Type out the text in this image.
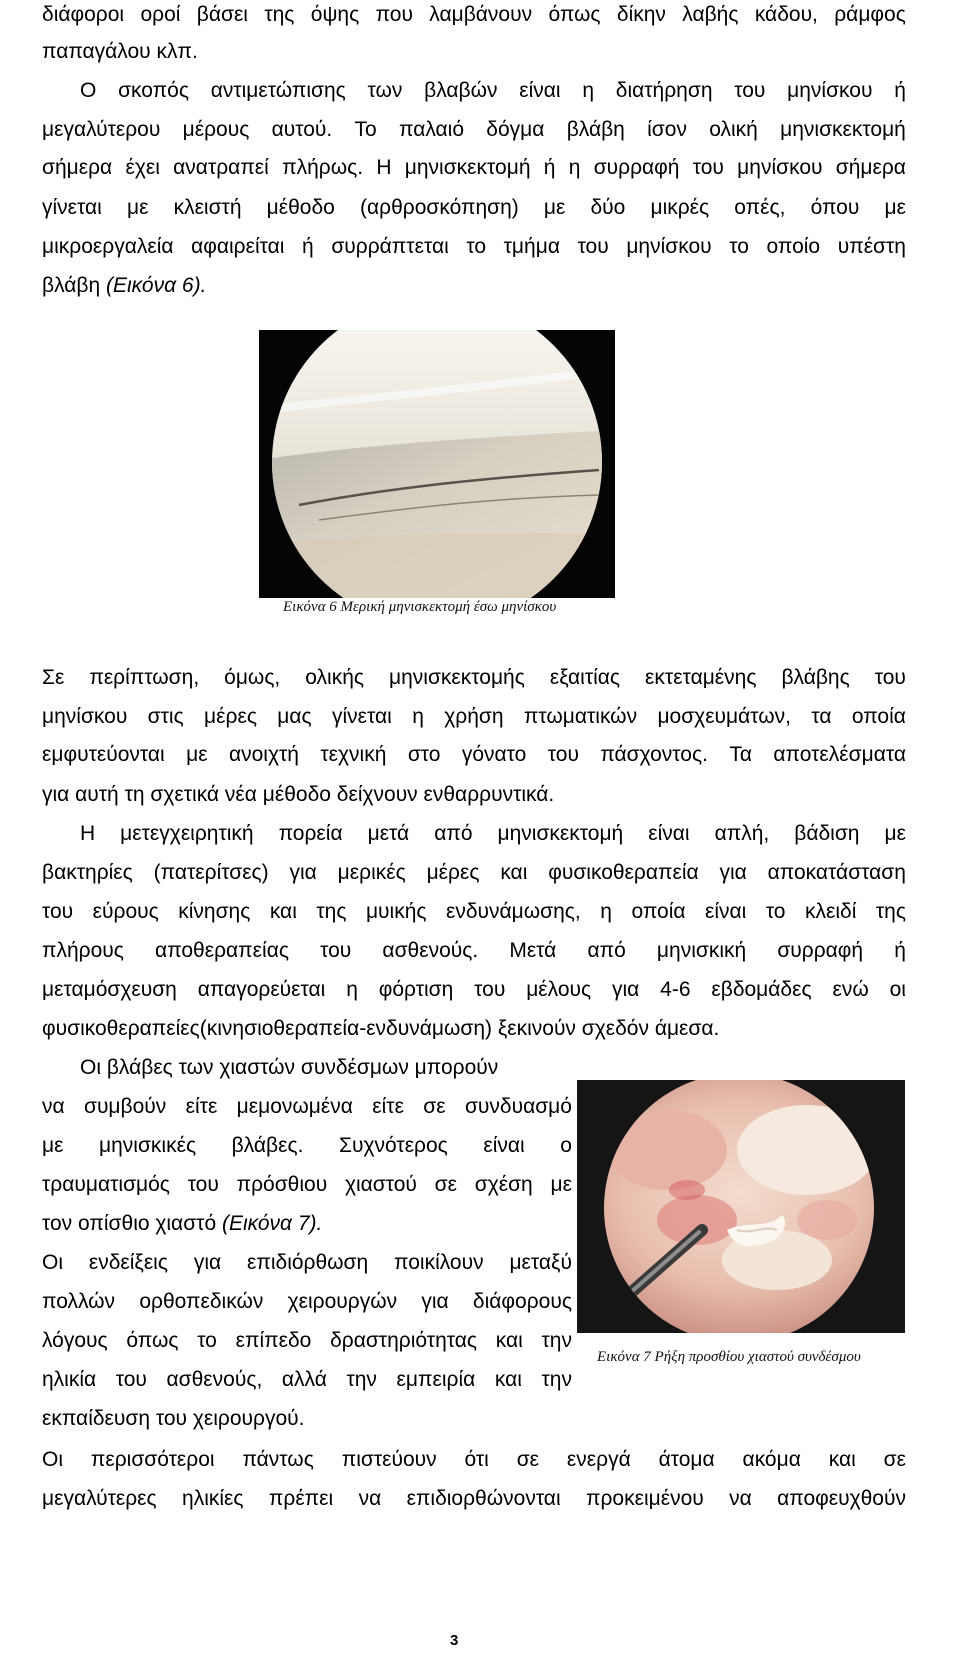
διάφοροι οροί βάσει της όψης που λαμβάνουν όπως δίκην λαβής κάδου, ράμφος
παπαγάλου κλπ.
Ο σκοπός αντιμετώπισης των βλαβών είναι η διατήρηση του μηνίσκου ή
μεγαλύτερου μέρους αυτού. Το παλαιό δόγμα βλάβη ίσον ολική μηνισκεκτομή
σήμερα έχει ανατραπεί πλήρως. Η μηνισκεκτομή ή η συρραφή του μηνίσκου σήμερα
γίνεται με κλειστή μέθοδο (αρθροσκόπηση) με δύο μικρές οπές, όπου με
μικροεργαλεία αφαιρείται ή συρράπτεται το τμήμα του μηνίσκου το οποίο υπέστη
βλάβη (Εικόνα 6).
Εικόνα 6 Μερική μηνισκεκτομή έσω μηνίσκου
Σε περίπτωση, όμως, ολικής μηνισκεκτομής εξαιτίας εκτεταμένης βλάβης του
μηνίσκου στις μέρες μας γίνεται η χρήση πτωματικών μοσχευμάτων, τα οποία
εμφυτεύονται με ανοιχτή τεχνική στο γόνατο του πάσχοντος. Τα αποτελέσματα
για αυτή τη σχετικά νέα μέθοδο δείχνουν ενθαρρυντικά.
Η μετεγχειρητική πορεία μετά από μηνισκεκτομή είναι απλή, βάδιση με
βακτηρίες (πατερίτσες) για μερικές μέρες και φυσικοθεραπεία για αποκατάσταση
του εύρους κίνησης και της μυικής ενδυνάμωσης, η οποία είναι το κλειδί της
πλήρους αποθεραπείας του ασθενούς. Μετά από μηνισκική συρραφή ή
μεταμόσχευση απαγορεύεται η φόρτιση του μέλους για 4-6 εβδομάδες ενώ οι
φυσικοθεραπείες(κινησιοθεραπεία-ενδυνάμωση) ξεκινούν σχεδόν άμεσα.
Οι βλάβες των χιαστών συνδέσμων μπορούν
να συμβούν είτε μεμονωμένα είτε σε συνδυασμό
με μηνισκικές βλάβες. Συχνότερος είναι ο
τραυματισμός του πρόσθιου χιαστού σε σχέση με
τον οπίσθιο χιαστό (Εικόνα 7).
Οι ενδείξεις για επιδιόρθωση ποικίλουν μεταξύ
πολλών ορθοπεδικών χειρουργών για διάφορους
λόγους όπως το επίπεδο δραστηριότητας και την
ηλικία του ασθενούς, αλλά την εμπειρία και την
εκπαίδευση του χειρουργού.
Εικόνα 7 Ρήξη προσθίου χιαστού συνδέσμου
Οι περισσότεροι πάντως πιστεύουν ότι σε ενεργά άτομα ακόμα και σε
μεγαλύτερες ηλικίες πρέπει να επιδιορθώνονται προκειμένου να αποφευχθούν
3
